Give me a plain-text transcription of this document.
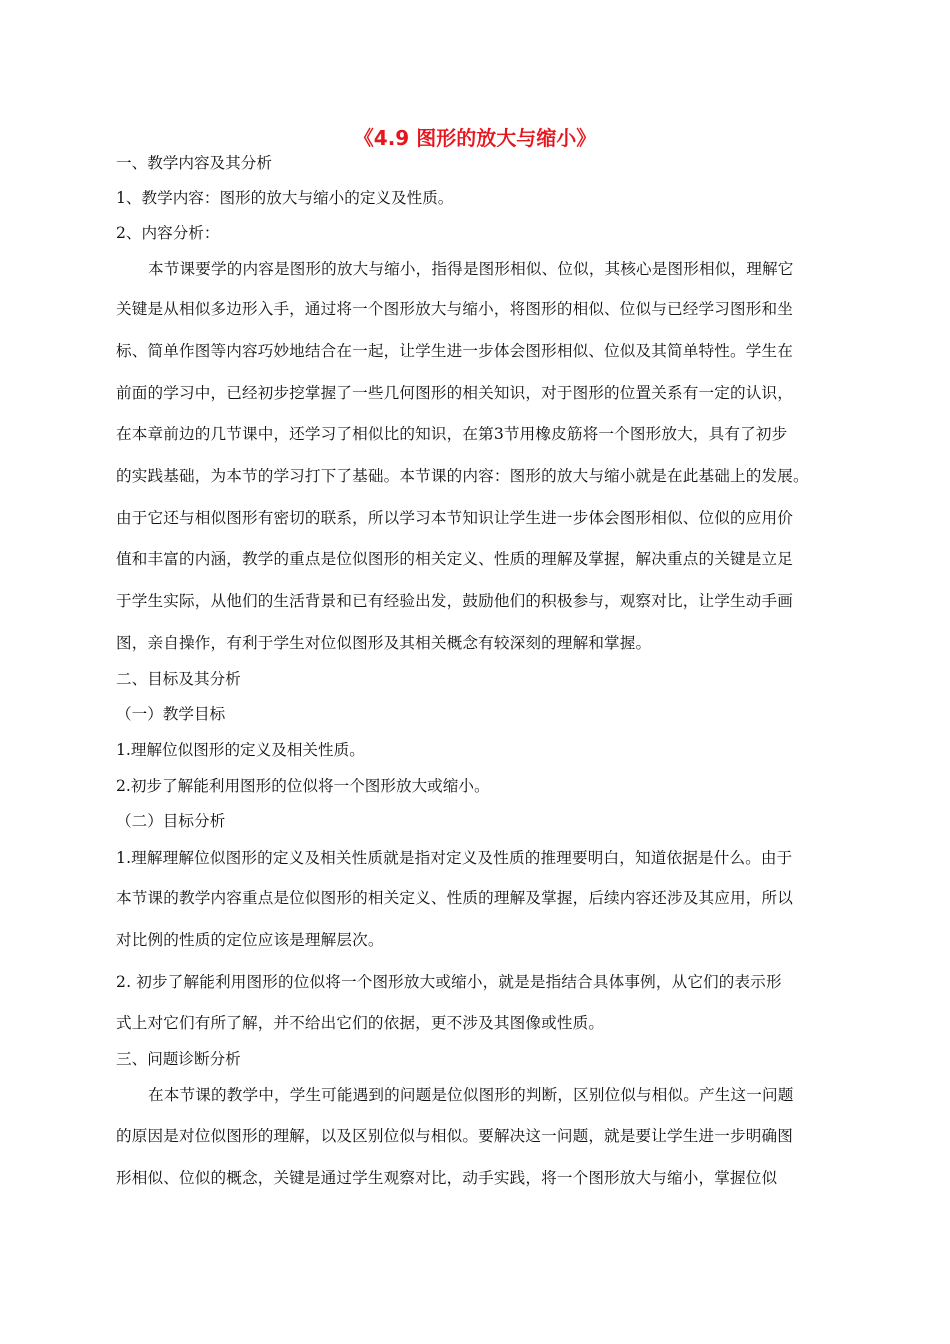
《4.9 图形的放大与缩小》
一、教学内容及其分析
1、教学内容：图形的放大与缩小的定义及性质。
2、内容分析：
本节课要学的内容是图形的放大与缩小，指得是图形相似、位似，其核心是图形相似，理解它
关键是从相似多边形入手，通过将一个图形放大与缩小，将图形的相似、位似与已经学习图形和坐
标、简单作图等内容巧妙地结合在一起，让学生进一步体会图形相似、位似及其简单特性。学生在
前面的学习中，已经初步挖掌握了一些几何图形的相关知识，对于图形的位置关系有一定的认识，
在本章前边的几节课中，还学习了相似比的知识，在第3节用橡皮筋将一个图形放大，具有了初步
的实践基础，为本节的学习打下了基础。本节课的内容：图形的放大与缩小就是在此基础上的发展。
由于它还与相似图形有密切的联系，所以学习本节知识让学生进一步体会图形相似、位似的应用价
值和丰富的内涵，教学的重点是位似图形的相关定义、性质的理解及掌握，解决重点的关键是立足
于学生实际，从他们的生活背景和已有经验出发，鼓励他们的积极参与，观察对比，让学生动手画
图，亲自操作，有利于学生对位似图形及其相关概念有较深刻的理解和掌握。
二、目标及其分析
（一）教学目标
1.理解位似图形的定义及相关性质。
2.初步了解能利用图形的位似将一个图形放大或缩小。
（二）目标分析
1.理解理解位似图形的定义及相关性质就是指对定义及性质的推理要明白，知道依据是什么。由于
本节课的教学内容重点是位似图形的相关定义、性质的理解及掌握，后续内容还涉及其应用，所以
对比例的性质的定位应该是理解层次。
2. 初步了解能利用图形的位似将一个图形放大或缩小，就是是指结合具体事例，从它们的表示形
式上对它们有所了解，并不给出它们的依据，更不涉及其图像或性质。
三、问题诊断分析
在本节课的教学中，学生可能遇到的问题是位似图形的判断，区别位似与相似。产生这一问题
的原因是对位似图形的理解，以及区别位似与相似。要解决这一问题，就是要让学生进一步明确图
形相似、位似的概念，关键是通过学生观察对比，动手实践，将一个图形放大与缩小，掌握位似
